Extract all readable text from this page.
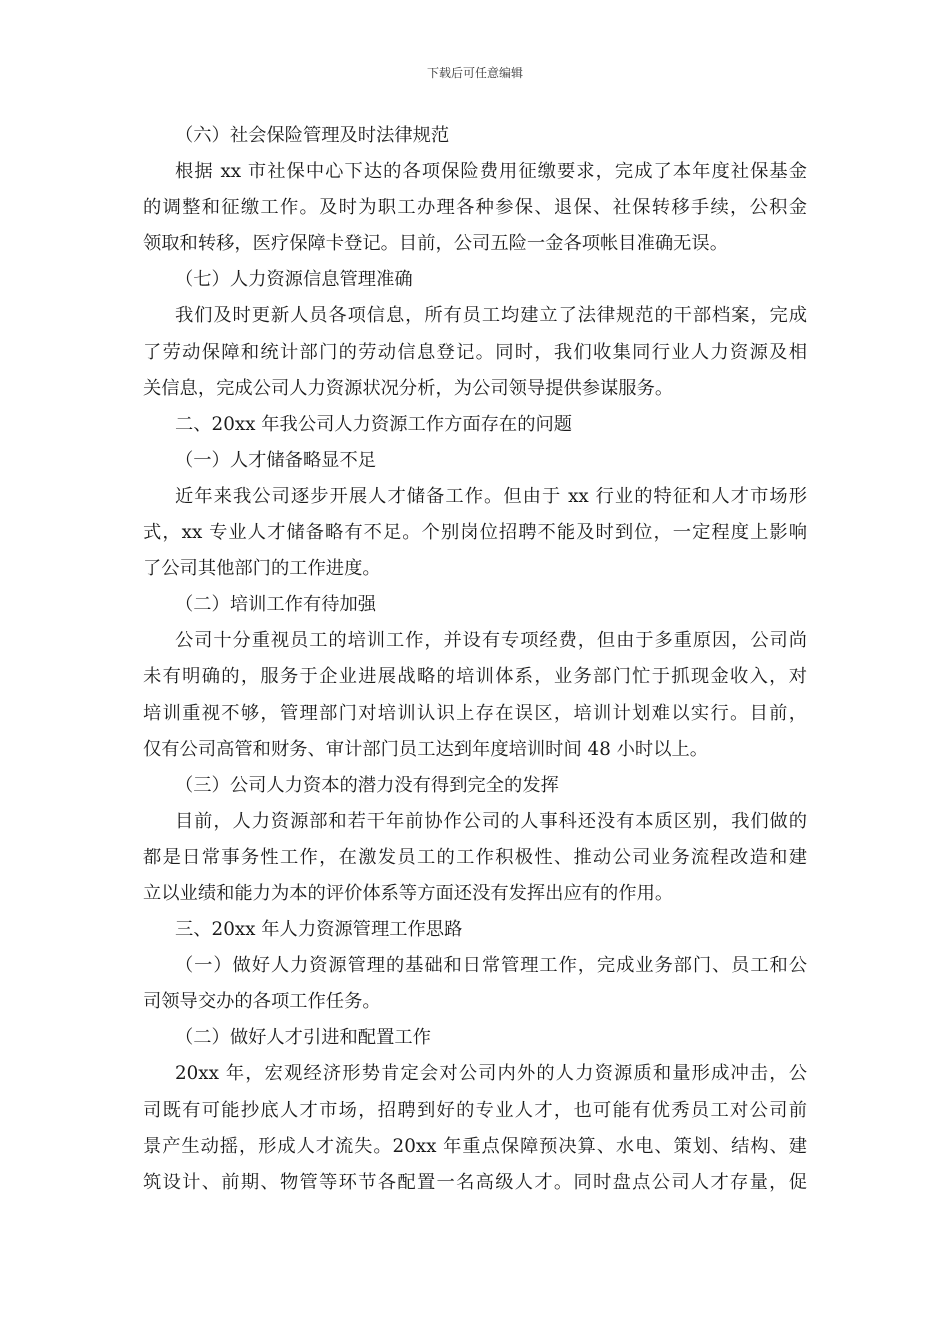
下载后可任意编辑
（六）社会保险管理及时法律规范
根据 xx 市社保中心下达的各项保险费用征缴要求，完成了本年度社保基金
的调整和征缴工作。及时为职工办理各种参保、退保、社保转移手续，公积金
领取和转移，医疗保障卡登记。目前，公司五险一金各项帐目准确无误。
（七）人力资源信息管理准确
我们及时更新人员各项信息，所有员工均建立了法律规范的干部档案，完成
了劳动保障和统计部门的劳动信息登记。同时，我们收集同行业人力资源及相
关信息，完成公司人力资源状况分析，为公司领导提供参谋服务。
二、20xx 年我公司人力资源工作方面存在的问题
（一）人才储备略显不足
近年来我公司逐步开展人才储备工作。但由于 xx 行业的特征和人才市场形
式，xx 专业人才储备略有不足。个别岗位招聘不能及时到位，一定程度上影响
了公司其他部门的工作进度。
（二）培训工作有待加强
公司十分重视员工的培训工作，并设有专项经费，但由于多重原因，公司尚
未有明确的，服务于企业进展战略的培训体系，业务部门忙于抓现金收入，对
培训重视不够，管理部门对培训认识上存在误区，培训计划难以实行。目前，
仅有公司高管和财务、审计部门员工达到年度培训时间 48 小时以上。
（三）公司人力资本的潜力没有得到完全的发挥
目前，人力资源部和若干年前协作公司的人事科还没有本质区别，我们做的
都是日常事务性工作，在激发员工的工作积极性、推动公司业务流程改造和建
立以业绩和能力为本的评价体系等方面还没有发挥出应有的作用。
三、20xx 年人力资源管理工作思路
（一）做好人力资源管理的基础和日常管理工作，完成业务部门、员工和公
司领导交办的各项工作任务。
（二）做好人才引进和配置工作
20xx 年，宏观经济形势肯定会对公司内外的人力资源质和量形成冲击，公
司既有可能抄底人才市场，招聘到好的专业人才，也可能有优秀员工对公司前
景产生动摇，形成人才流失。20xx 年重点保障预决算、水电、策划、结构、建
筑设计、前期、物管等环节各配置一名高级人才。同时盘点公司人才存量，促
